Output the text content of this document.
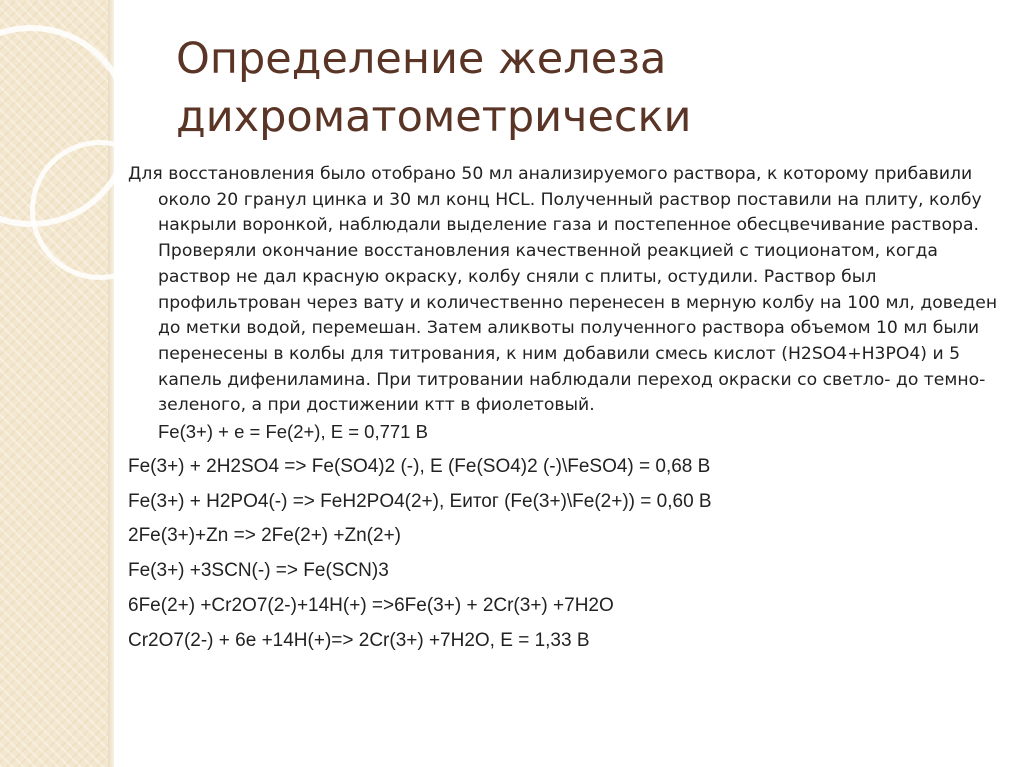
Определение железа
дихроматометрически

Для восстановления было отобрано 50 мл анализируемого раствора, к которому прибавили около 20 гранул цинка и 30 мл конц HCL. Полученный раствор поставили на плиту, колбу накрыли воронкой, наблюдали выделение газа и постепенное обесцвечивание раствора. Проверяли окончание восстановления качественной реакцией с тиоционатом, когда раствор не дал красную окраску, колбу сняли с плиты, остудили. Раствор был профильтрован через вату и количественно перенесен в мерную колбу на 100 мл, доведен до метки водой, перемешан. Затем аликвоты полученного раствора объемом 10 мл были перенесены в колбы для титрования, к ним добавили смесь кислот (H2SO4+H3PO4) и 5 капель дифениламина. При титровании наблюдали переход окраски со светло- до темно-зеленого, а при достижении ктт в фиолетовый.

Fe(3+) + e = Fe(2+), E = 0,771 B

Fe(3+) + 2H2SO4 => Fe(SO4)2 (-), E (Fe(SO4)2 (-)\FeSO4) = 0,68 B

Fe(3+) + H2PO4(-) => FeH2PO4(2+), Eитог (Fe(3+)\Fe(2+)) = 0,60 B

2Fe(3+)+Zn => 2Fe(2+) +Zn(2+)

Fe(3+) +3SCN(-) => Fe(SCN)3

6Fe(2+) +Cr2O7(2-)+14H(+) =>6Fe(3+) + 2Cr(3+) +7H2O

Cr2O7(2-) + 6e +14H(+)=> 2Cr(3+) +7H2O, E = 1,33 B
